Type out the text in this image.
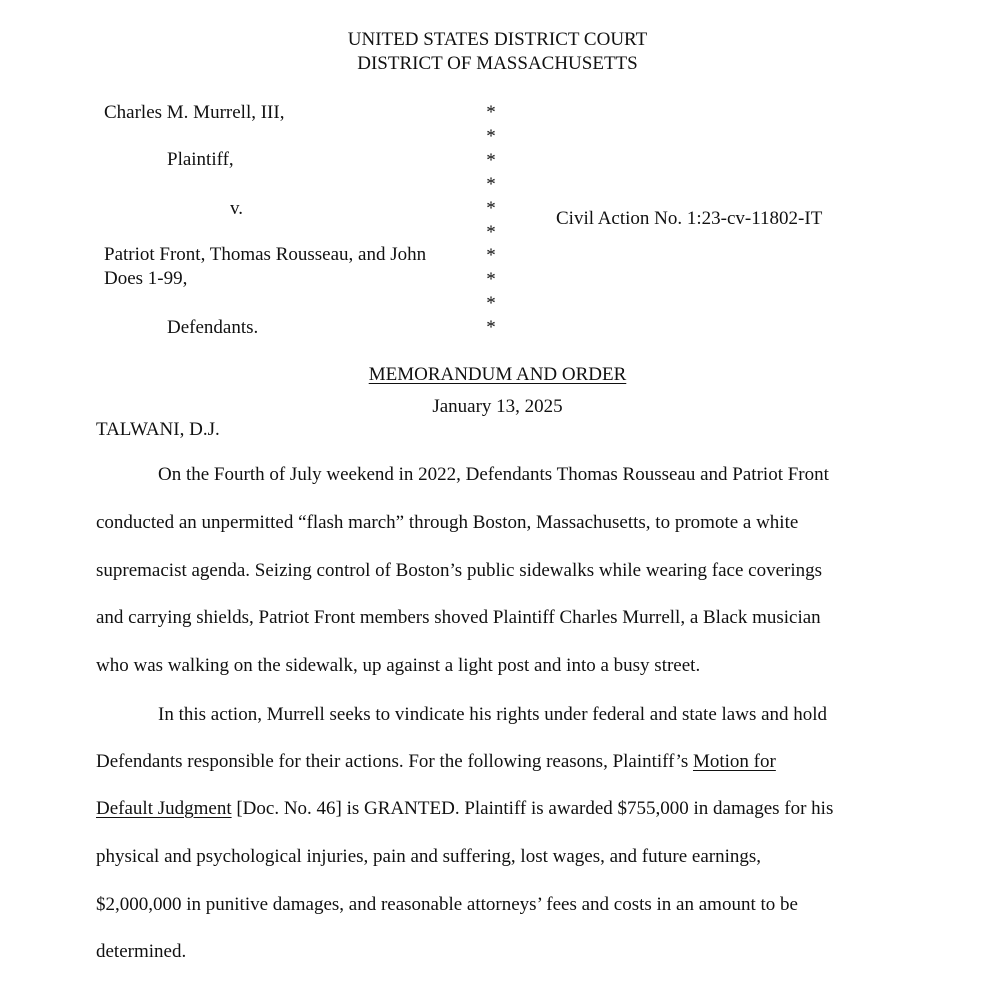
UNITED STATES DISTRICT COURT
DISTRICT OF MASSACHUSETTS
Charles M. Murrell, III,
Plaintiff,
v.
Patriot Front, Thomas Rousseau, and John
Does 1-99,
Defendants.
*
*
*
*
*
*
*
*
*
*
Civil Action No. 1:23-cv-11802-IT
MEMORANDUM AND ORDER
January 13, 2025
TALWANI, D.J.
On the Fourth of July weekend in 2022, Defendants Thomas Rousseau and Patriot Front
conducted an unpermitted “flash march” through Boston, Massachusetts, to promote a white
supremacist agenda. Seizing control of Boston’s public sidewalks while wearing face coverings
and carrying shields, Patriot Front members shoved Plaintiff Charles Murrell, a Black musician
who was walking on the sidewalk, up against a light post and into a busy street.
In this action, Murrell seeks to vindicate his rights under federal and state laws and hold
Defendants responsible for their actions. For the following reasons, Plaintiff’s Motion for
Default Judgment [Doc. No. 46] is GRANTED. Plaintiff is awarded $755,000 in damages for his
physical and psychological injuries, pain and suffering, lost wages, and future earnings,
$2,000,000 in punitive damages, and reasonable attorneys’ fees and costs in an amount to be
determined.
